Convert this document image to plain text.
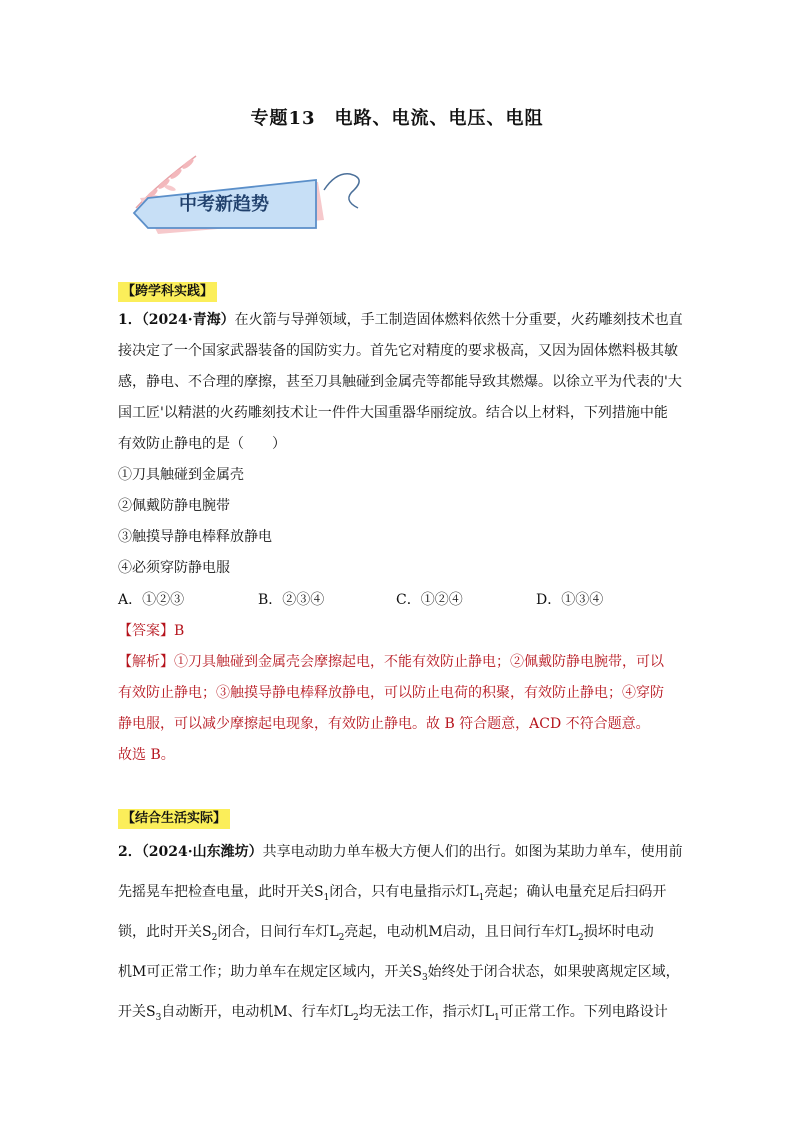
专题13　电路、电流、电压、电阻
中考新趋势
【跨学科实践】
1．（2024·青海）在火箭与导弹领域，手工制造固体燃料依然十分重要，火药雕刻技术也直
接决定了一个国家武器装备的国防实力。首先它对精度的要求极高，又因为固体燃料极其敏
感，静电、不合理的摩擦，甚至刀具触碰到金属壳等都能导致其燃爆。以徐立平为代表的'大
国工匠'以精湛的火药雕刻技术让一件件大国重器华丽绽放。结合以上材料，下列措施中能
有效防止静电的是（　　）
①刀具触碰到金属壳
②佩戴防静电腕带
③触摸导静电棒释放静电
④必须穿防静电服
A．①②③	B．②③④	C．①②④	D．①③④
【答案】B
【解析】①刀具触碰到金属壳会摩擦起电，不能有效防止静电；②佩戴防静电腕带，可以
有效防止静电；③触摸导静电棒释放静电，可以防止电荷的积聚，有效防止静电；④穿防
静电服，可以减少摩擦起电现象，有效防止静电。故 B 符合题意，ACD 不符合题意。
故选 B。
【结合生活实际】
2．（2024·山东潍坊）共享电动助力单车极大方便人们的出行。如图为某助力单车，使用前
先摇晃车把检查电量，此时开关$S_1$闭合，只有电量指示灯$L_1$亮起；确认电量充足后扫码开
锁，此时开关$S_2$闭合，日间行车灯$L_2$亮起，电动机M启动，且日间行车灯$L_2$损坏时电动
机M可正常工作；助力单车在规定区域内，开关$S_3$始终处于闭合状态，如果驶离规定区域，
开关$S_3$自动断开，电动机M、行车灯$L_2$均无法工作，指示灯$L_1$可正常工作。下列电路设计
